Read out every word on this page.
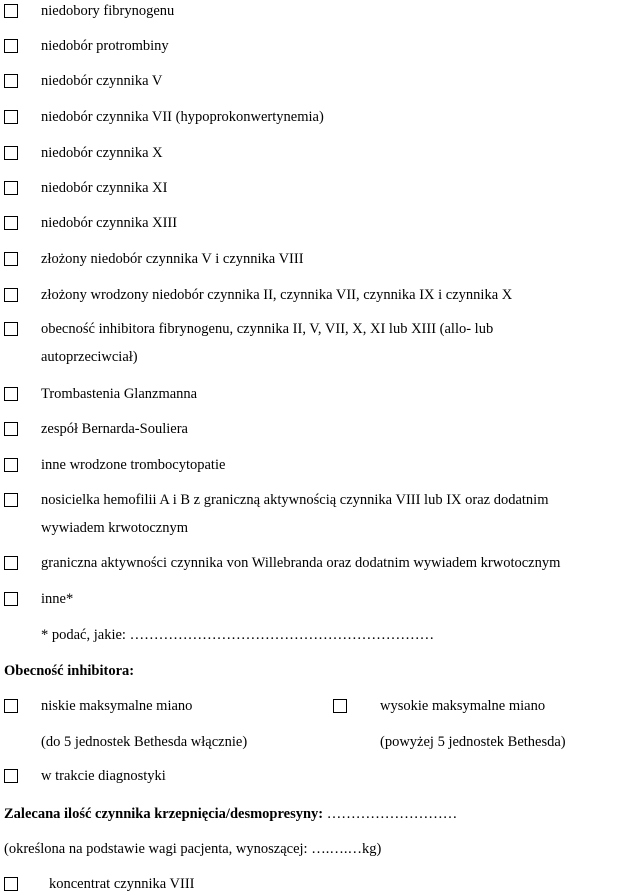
niedobory fibrynogenu
niedobór protrombiny
niedobór czynnika V
niedobór czynnika VII (hypoprokonwertynemia)
niedobór czynnika X
niedobór czynnika XI
niedobór czynnika XIII
złożony niedobór czynnika V i czynnika VIII
złożony wrodzony niedobór czynnika II, czynnika VII, czynnika IX i czynnika X
obecność inhibitora fibrynogenu, czynnika II, V, VII, X, XI lub XIII (allo- lub
autoprzeciwciał)
Trombastenia Glanzmanna
zespół Bernarda-Souliera
inne wrodzone trombocytopatie
nosicielka hemofilii A i B z graniczną aktywnością czynnika VIII lub IX oraz dodatnim
wywiadem krwotocznym
graniczna aktywności czynnika von Willebranda oraz dodatnim wywiadem krwotocznym
inne*
* podać, jakie: ………………………………………………………
Obecność inhibitora:
niskie maksymalne miano
(do 5 jednostek Bethesda włącznie)
wysokie maksymalne miano
(powyżej 5 jednostek Bethesda)
w trakcie diagnostyki
Zalecana ilość czynnika krzepnięcia/desmopresyny: ………………………
(określona na podstawie wagi pacjenta, wynoszącej: ….….…kg)
koncentrat czynnika VIII
